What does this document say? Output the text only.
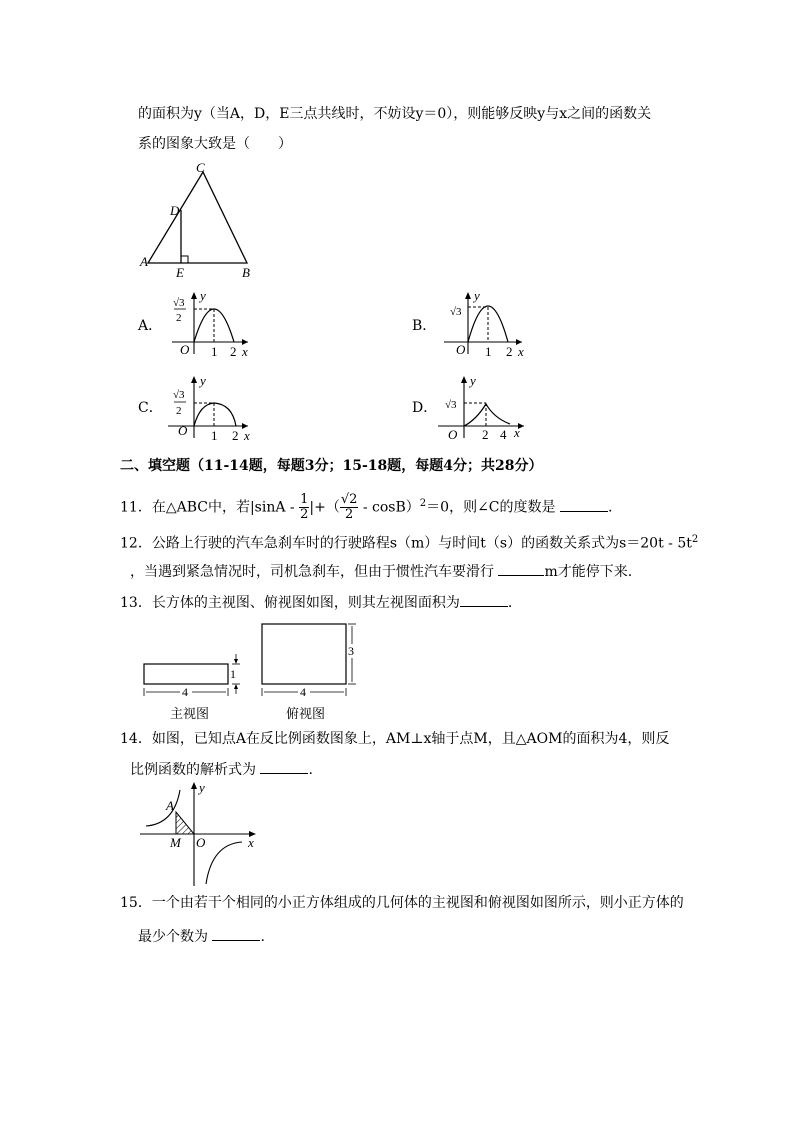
的面积为y（当A，D，E三点共线时，不妨设y＝0），则能够反映y与x之间的函数关
系的图象大致是（　　）
C
D
A
E	B
A．
√3
2
y
O 1 2 x
B．
√3
y
O 1 2 x
C．
√3
2
y
O 1 2 x
D． √3
y
O 2 4 x
二、填空题（11-14题，每题3分；15-18题，每题4分；共28分）
11．在△ABC中，若$|\sin A - \frac{1}{2}$ |+（ $\frac{√2}{2} - \cos B)^2=0$，则∠C的度数是	.
12．公路上行驶的汽车急刹车时的行驶路程s（m）与时间t（s）的函数关系式为$s=20t - 5t^2$
，当遇到紧急情况时，司机急刹车，但由于惯性汽车要滑行	m才能停下来.
13．长方体的主视图、俯视图如图，则其左视图面积为	.
4
1
主视图
4
3
俯视图
14．如图，已知点A在反比例函数图象上，AM⊥x轴于点M，且△AOM的面积为4，则反
比例函数的解析式为	.
A
M O	x
y
15．一个由若干个相同的小正方体组成的几何体的主视图和俯视图如图所示，则小正方体的
最少个数为	.
